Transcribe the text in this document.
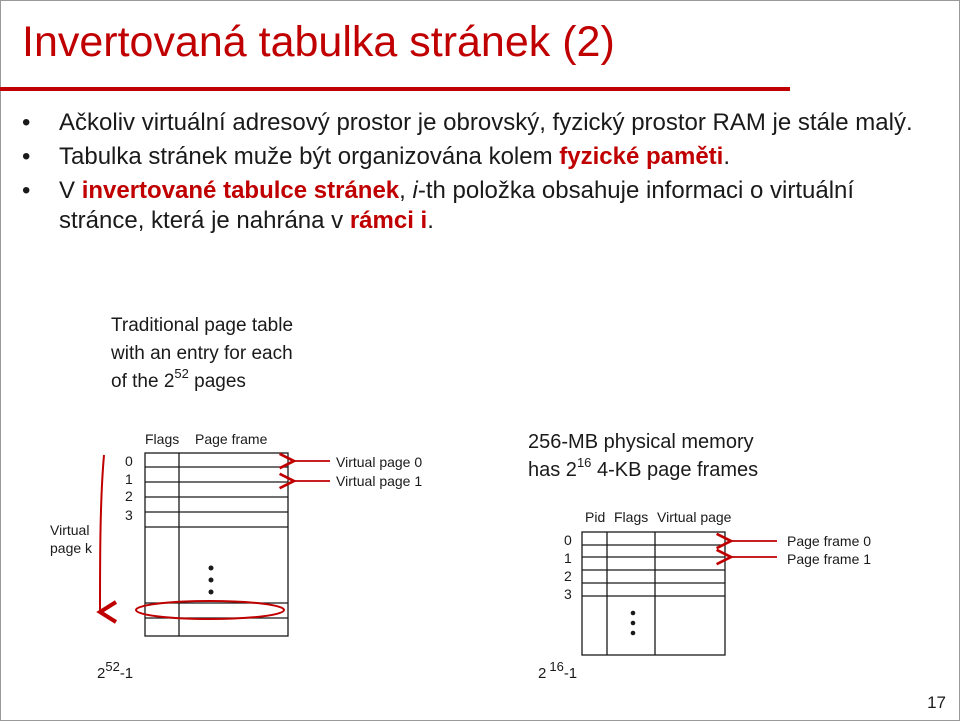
Invertovaná tabulka stránek (2)
• Ačkoliv virtuální adresový prostor je obrovský, fyzický prostor RAM je stále malý.
• Tabulka stránek muže být organizována kolem fyzické paměti.
• V invertované tabulce stránek, i-th položka obsahuje informaci o virtuální stránce, která je nahrána v rámci i.
Traditional page table
with an entry for each
of the $2^{52}$ pages
Flags Page frame
0
1
2
3
Virtual
page k
252-1
Virtual page 0
Virtual page 1
256-MB physical memory
has $2^{16}$ 4-KB page frames
Pid Flags Virtual page
0
1
2
3
Page frame 0
Page frame 1
2 16-1
17
